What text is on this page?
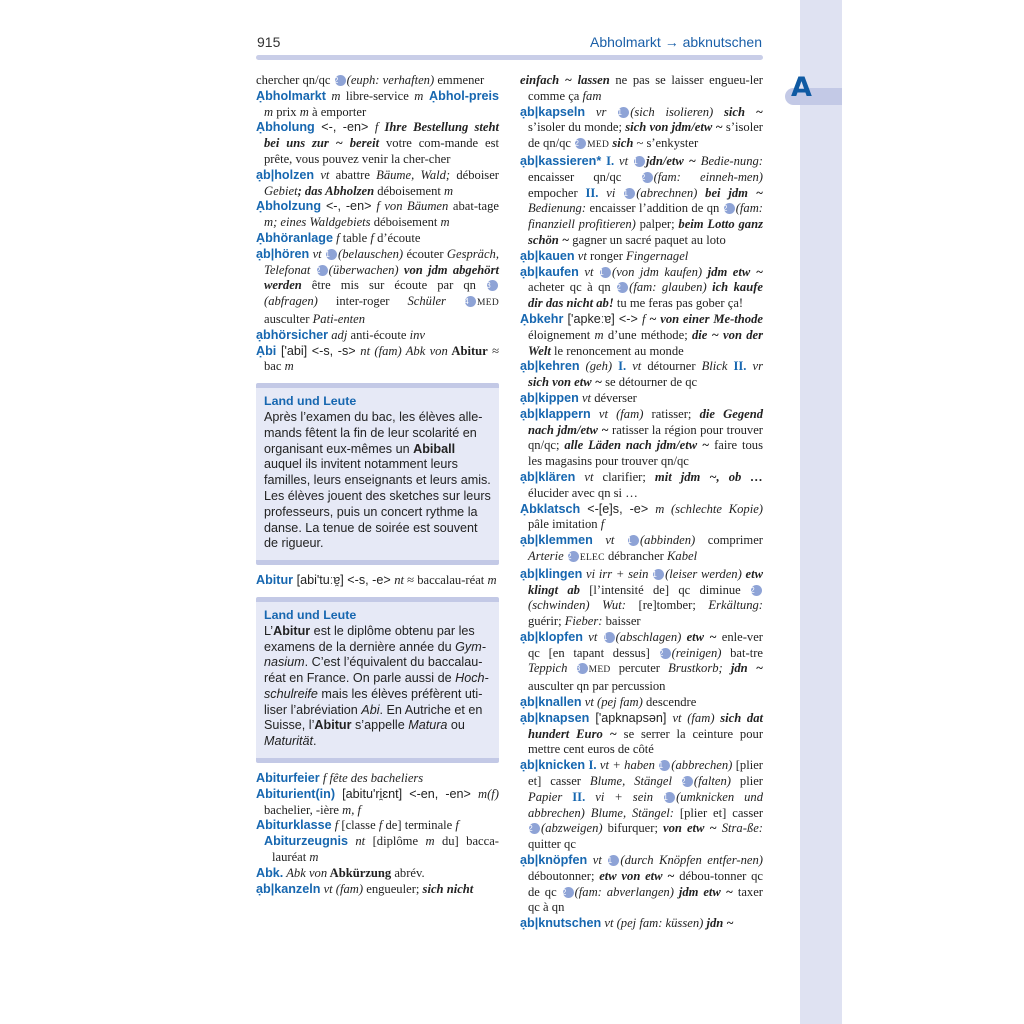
A
915	Abholmarkt → abknutschen
chercher qn/qc 2 (euph: verhaften) emmener
Ạbholmarkt m libre-service m Ạbhol-preis m prix m à emporter
Ạbholung <-, -en> f Ihre Bestellung steht bei uns zur ~ bereit votre com-mande est prête, vous pouvez venir la cher-cher
ạb|holzen vt abattre Bäume, Wald; déboiser Gebiet; das Abholzen déboisement m
Ạbholzung <-, -en> f von Bäumen abat-tage m; eines Waldgebiets déboisement m
Ạbhöranlage f table f d’écoute
ạb|hören vt 1 (belauschen) écouter Gespräch, Telefonat 2 (überwachen) von jdm abgehört werden être mis sur écoute par qn 3(abfragen) inter-roger Schüler 4 MED ausculter Pati-enten
ạbhörsicher adj anti-écoute inv
Ạbi ['abi] <-s, -s> nt (fam) Abk von Abitur ≈ bac m
Land und Leute
Après l’examen du bac, les élèves alle-mands fêtent la fin de leur scolarité en organisant eux-mêmes un Abiball auquel ils invitent notamment leurs familles, leurs enseignants et leurs amis. Les élèves jouent des sketches sur leurs professeurs, puis un concert rythme la danse. La tenue de soirée est souvent de rigueur.
Abitur [abi'tuːɐ̯] <-s, -e> nt ≈ baccalau-réat m
Land und Leute
L’Abitur est le diplôme obtenu par les examens de la dernière année du Gym-nasium. C’est l’équivalent du baccalau-réat en France. On parle aussi de Hoch-schulreife mais les élèves préfèrent uti-liser l’abréviation Abi. En Autriche et en Suisse, l’Abitur s’appelle Matura ou Maturität.
Abiturfeier f fête des bacheliers
Abiturient(in) [abitu'ri̯ɛnt] <-en, -en> m(f) bachelier, -ière m, f
Abiturklasse f [classe f de] terminale f
Abiturzeugnis nt [diplôme m du] bacca-lauréat m
Abk. Abk von Abkürzung abrév.
ạb|kanzeln vt (fam) engueuler; sich nicht
einfach ~ lassen ne pas se laisser engueu-ler comme ça fam
ạb|kapseln vr 1 (sich isolieren) sich ~ s’isoler du monde; sich von jdm/etw ~ s’isoler de qn/qc 2 MED sich ~ s’enkyster
ạb|kassieren* I. vt 1 jdn/etw ~ Bedie-nung: encaisser qn/qc 2 (fam: einneh-men) empocher II. vi 1 (abrechnen) bei jdm ~ Bedienung: encaisser l’addition de qn 2 (fam: finanziell profitieren) palper; beim Lotto ganz schön ~ gagner un sacré paquet au loto
ạb|kauen vt ronger Fingernagel
ạb|kaufen vt 1 (von jdm kaufen) jdm etw ~ acheter qc à qn 2 (fam: glauben) ich kaufe dir das nicht ab! tu me feras pas gober ça!
Ạbkehr ['apkeːɐ] <-> f ~ von einer Me-thode éloignement m d’une méthode; die ~ von der Welt le renoncement au monde
ạb|kehren (geh) I. vt détourner Blick II. vr sich von etw ~ se détourner de qc
ạb|kippen vt déverser
ạb|klappern vt (fam) ratisser; die Gegend nach jdm/etw ~ ratisser la région pour trouver qn/qc; alle Läden nach jdm/etw ~ faire tous les magasins pour trouver qn/qc
ạb|klären vt clarifier; mit jdm ~, ob … élucider avec qn si …
Ạbklatsch <-[e]s, -e> m (schlechte Kopie) pâle imitation f
ạb|klemmen vt 1 (abbinden) comprimer Arterie 2 ELEC débrancher Kabel
ạb|klingen vi irr + sein 1 (leiser werden) etw klingt ab [l’intensité de] qc diminue 2(schwinden) Wut: [re]tomber; Erkältung: guérir; Fieber: baisser
ạb|klopfen vt 1 (abschlagen) etw ~ enle-ver qc [en tapant dessus] 2 (reinigen) bat-tre Teppich 3 MED percuter Brustkorb; jdn ~ ausculter qn par percussion
ạb|knallen vt (pej fam) descendre
ạb|knapsen ['apknapsən] vt (fam) sich dat hundert Euro ~ se serrer la ceinture pour mettre cent euros de côté
ạb|knicken I. vt + haben 1 (abbrechen) [plier et] casser Blume, Stängel 2 (falten) plier Papier II. vi + sein 1 (umknicken und abbrechen) Blume, Stängel: [plier et] casser 2 (abzweigen) bifurquer; von etw ~ Stra-ße: quitter qc
ạb|knöpfen vt 1 (durch Knöpfen entfer-nen) déboutonner; etw von etw ~ débou-tonner qc de qc 2 (fam: abverlangen) jdm etw ~ taxer qc à qn
ạb|knutschen vt (pej fam: küssen) jdn ~
